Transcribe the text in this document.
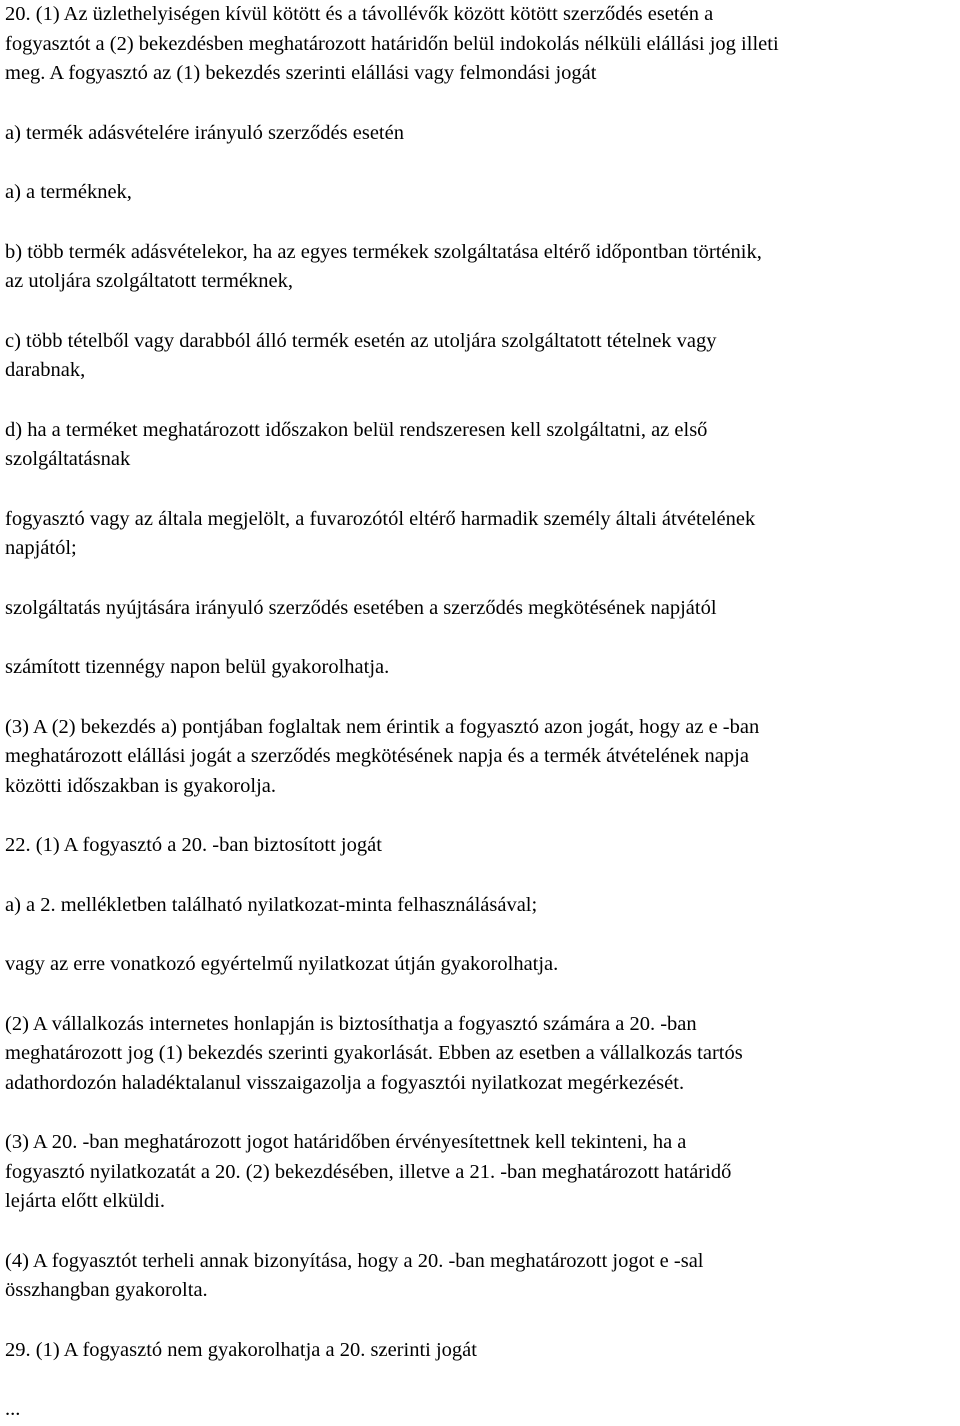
20. (1) Az üzlethelyiségen kívül kötött és a távollévők között kötött szerződés esetén a

fogyasztót a (2) bekezdésben meghatározott határidőn belül indokolás nélküli elállási jog illeti

meg. A fogyasztó az (1) bekezdés szerinti elállási vagy felmondási jogát

a) termék adásvételére irányuló szerződés esetén

a) a terméknek,

b) több termék adásvételekor, ha az egyes termékek szolgáltatása eltérő időpontban történik,

az utoljára szolgáltatott terméknek,

c) több tételből vagy darabból álló termék esetén az utoljára szolgáltatott tételnek vagy

darabnak,

d) ha a terméket meghatározott időszakon belül rendszeresen kell szolgáltatni, az első

szolgáltatásnak

fogyasztó vagy az általa megjelölt, a fuvarozótól eltérő harmadik személy általi átvételének

napjától;

szolgáltatás nyújtására irányuló szerződés esetében a szerződés megkötésének napjától

számított tizennégy napon belül gyakorolhatja.

(3) A (2) bekezdés a) pontjában foglaltak nem érintik a fogyasztó azon jogát, hogy az e -ban

meghatározott elállási jogát a szerződés megkötésének napja és a termék átvételének napja

közötti időszakban is gyakorolja.

22. (1) A fogyasztó a 20. -ban biztosított jogát

a) a 2. mellékletben található nyilatkozat-minta felhasználásával;

vagy az erre vonatkozó egyértelmű nyilatkozat útján gyakorolhatja.

(2) A vállalkozás internetes honlapján is biztosíthatja a fogyasztó számára a 20. -ban

meghatározott jog (1) bekezdés szerinti gyakorlását. Ebben az esetben a vállalkozás tartós

adathordozón haladéktalanul visszaigazolja a fogyasztói nyilatkozat megérkezését.

(3) A 20. -ban meghatározott jogot határidőben érvényesítettnek kell tekinteni, ha a

fogyasztó nyilatkozatát a 20. (2) bekezdésében, illetve a 21. -ban meghatározott határidő

lejárta előtt elküldi.

(4) A fogyasztót terheli annak bizonyítása, hogy a 20. -ban meghatározott jogot e -sal

összhangban gyakorolta.

29. (1) A fogyasztó nem gyakorolhatja a 20. szerinti jogát

...
